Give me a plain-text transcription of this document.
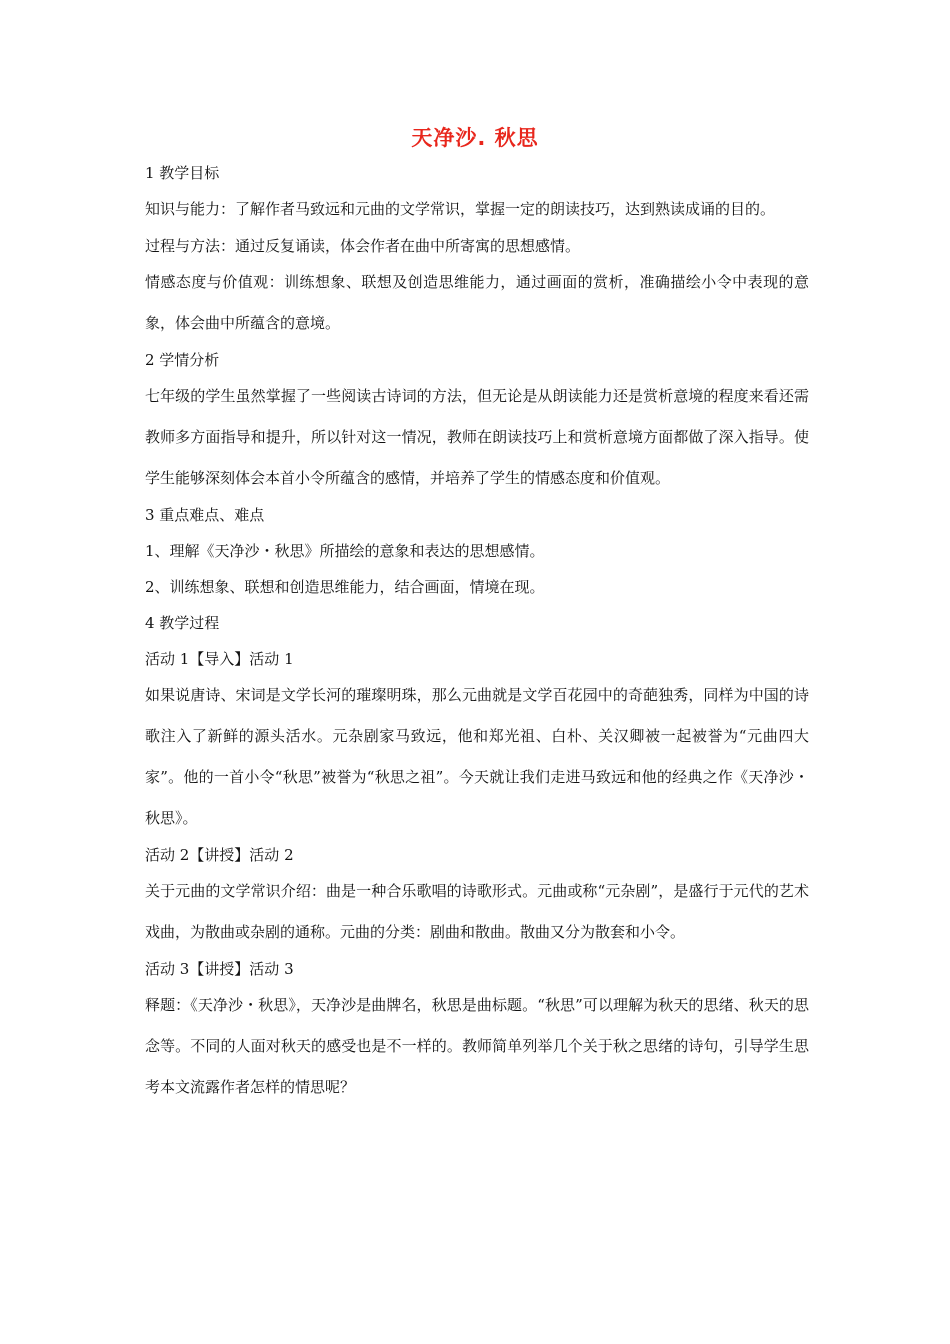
天净沙. 秋思

1 教学目标

知识与能力：了解作者马致远和元曲的文学常识，掌握一定的朗读技巧，达到熟读成诵的目的。

过程与方法：通过反复诵读，体会作者在曲中所寄寓的思想感情。

情感态度与价值观：训练想象、联想及创造思维能力，通过画面的赏析，准确描绘小令中表现的意象，体会曲中所蕴含的意境。

2 学情分析

七年级的学生虽然掌握了一些阅读古诗词的方法，但无论是从朗读能力还是赏析意境的程度来看还需教师多方面指导和提升，所以针对这一情况，教师在朗读技巧上和赏析意境方面都做了深入指导。使学生能够深刻体会本首小令所蕴含的感情，并培养了学生的情感态度和价值观。

3 重点难点、难点

1、理解《天净沙・秋思》所描绘的意象和表达的思想感情。

2、训练想象、联想和创造思维能力，结合画面，情境在现。

4 教学过程

活动 1【导入】活动 1

如果说唐诗、宋词是文学长河的璀璨明珠，那么元曲就是文学百花园中的奇葩独秀，同样为中国的诗歌注入了新鲜的源头活水。元杂剧家马致远，他和郑光祖、白朴、关汉卿被一起被誉为“元曲四大家”。他的一首小令“秋思”被誉为“秋思之祖”。今天就让我们走进马致远和他的经典之作《天净沙・秋思》。

活动 2【讲授】活动 2

关于元曲的文学常识介绍：曲是一种合乐歌唱的诗歌形式。元曲或称“元杂剧”，是盛行于元代的艺术戏曲，为散曲或杂剧的通称。元曲的分类：剧曲和散曲。散曲又分为散套和小令。

活动 3【讲授】活动 3

释题：《天净沙・秋思》，天净沙是曲牌名，秋思是曲标题。“秋思”可以理解为秋天的思绪、秋天的思念等。不同的人面对秋天的感受也是不一样的。教师简单列举几个关于秋之思绪的诗句，引导学生思考本文流露作者怎样的情思呢？
